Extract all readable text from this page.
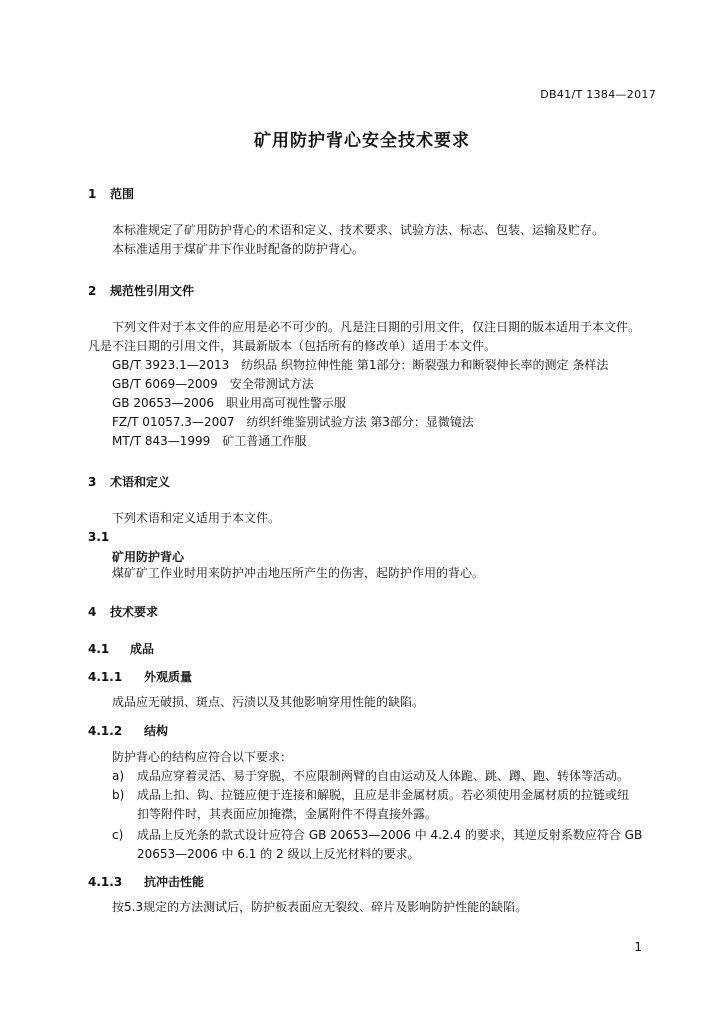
DB41/T 1384—2017
矿用防护背心安全技术要求
1 范围
本标准规定了矿用防护背心的术语和定义、技术要求、试验方法、标志、包装、运输及贮存。
本标准适用于煤矿井下作业时配备的防护背心。
2 规范性引用文件
下列文件对于本文件的应用是必不可少的。凡是注日期的引用文件，仅注日期的版本适用于本文件。
凡是不注日期的引用文件，其最新版本（包括所有的修改单）适用于本文件。
GB/T 3923.1—2013　纺织品 织物拉伸性能 第1部分：断裂强力和断裂伸长率的测定 条样法
GB/T 6069—2009　安全带测试方法
GB 20653—2006　职业用高可视性警示服
FZ/T 01057.3—2007　纺织纤维鉴别试验方法 第3部分：显微镜法
MT/T 843—1999　矿工普通工作服
3 术语和定义
下列术语和定义适用于本文件。
3.1
矿用防护背心
煤矿矿工作业时用来防护冲击地压所产生的伤害，起防护作用的背心。
4 技术要求
4.1 成品
4.1.1 外观质量
成品应无破损、斑点、污渍以及其他影响穿用性能的缺陷。
4.1.2 结构
防护背心的结构应符合以下要求：
a) 成品应穿着灵活、易于穿脱，不应限制两臂的自由运动及人体跪、跳、蹲、跑、转体等活动。
b) 成品上扣、钩、拉链应便于连接和解脱，且应是非金属材质。若必须使用金属材质的拉链或纽
扣等附件时，其表面应加掩襟，金属附件不得直接外露。
c) 成品上反光条的款式设计应符合 GB 20653—2006 中 4.2.4 的要求，其逆反射系数应符合 GB
20653—2006 中 6.1 的 2 级以上反光材料的要求。
4.1.3 抗冲击性能
按5.3规定的方法测试后，防护板表面应无裂纹、碎片及影响防护性能的缺陷。
1
